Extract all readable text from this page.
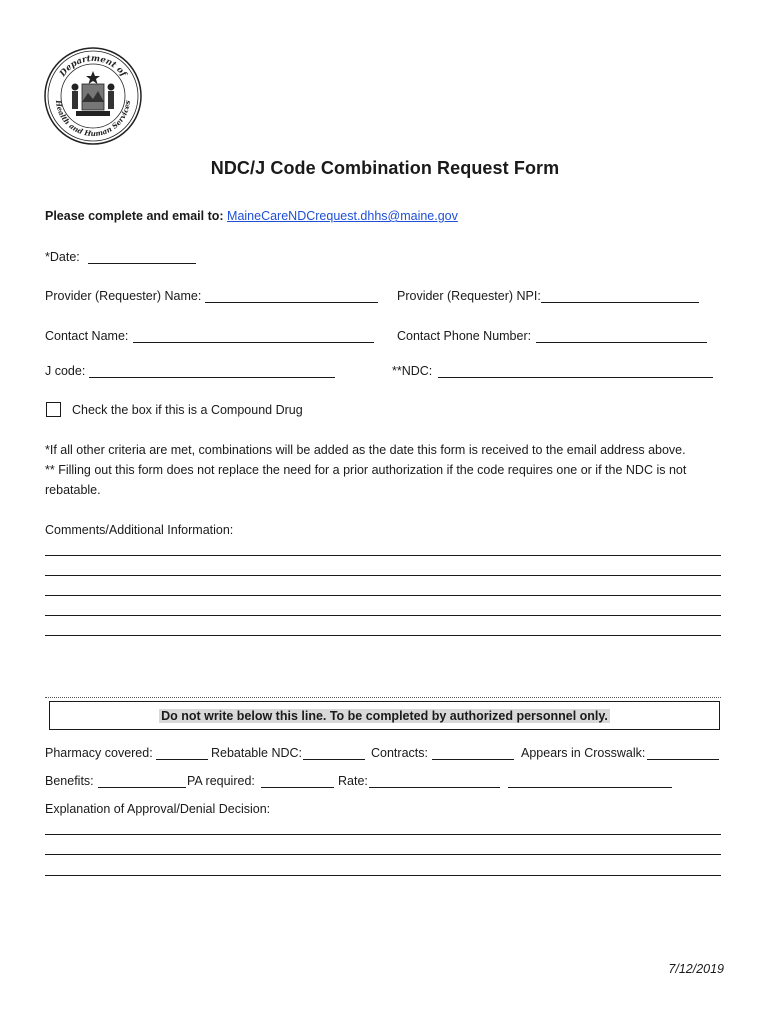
Department of
Health and Human Services
NDC/J Code Combination Request Form
Please complete and email to: MaineCareNDCrequest.dhhs@maine.gov
*Date:
Provider (Requester) Name:	Provider (Requester) NPI:
Contact Name:	Contact Phone Number:
J code:	**NDC:
Check the box if this is a Compound Drug
*If all other criteria are met, combinations will be added as the date this form is received to the email address above.
** Filling out this form does not replace the need for a prior authorization if the code requires one or if the NDC is not
rebatable.
Comments/Additional Information:
Do not write below this line. To be completed by authorized personnel only.
Pharmacy covered:	Rebatable NDC:	Contracts:	Appears in Crosswalk:
Benefits:	PA required:	Rate:
Explanation of Approval/Denial Decision:
7/12/2019
